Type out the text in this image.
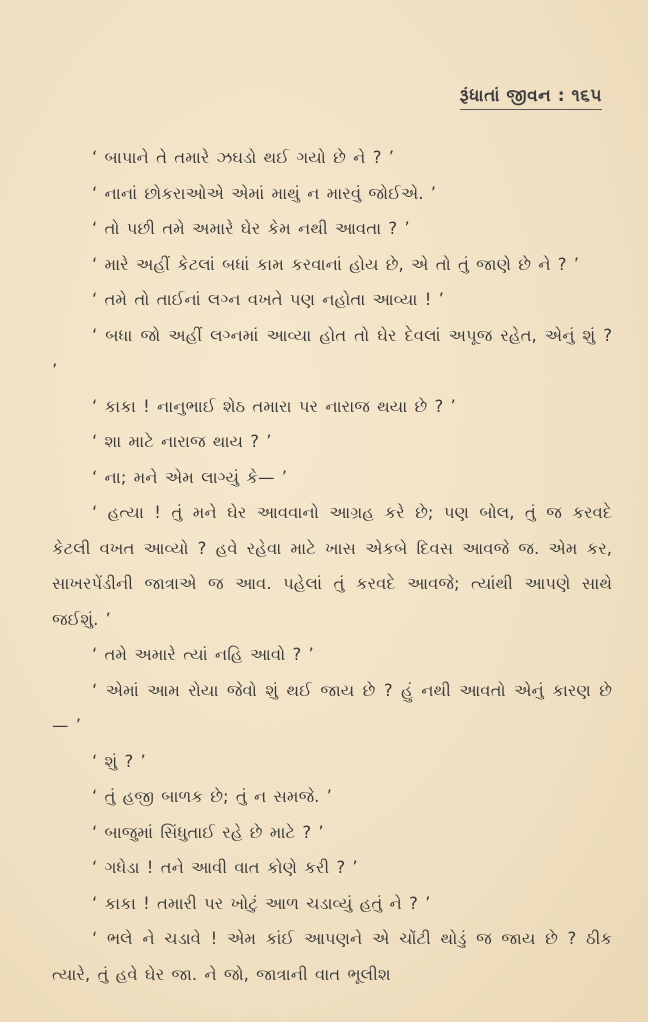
રૂંધાતાં જીવન : ૧૬૫

‘ બાપાને તે તમારે ઝઘડો થઈ ગયો છે ને ? ’

‘ નાનાં છોકરાઓએ એમાં માથું ન મારવું જોઈએ. ’

‘ તો પછી તમે અમારે ઘેર કેમ નથી આવતા ? ’

‘ મારે અહીં કેટલાં બધાં કામ કરવાનાં હોય છે, એ તો તું જાણે છે ને ? ’

‘ તમે તો તાઈનાં લગ્ન વખતે પણ નહોતા આવ્યા ! ’

‘ બધા જો અહીં લગ્નમાં આવ્યા હોત તો ઘેર દેવલાં અપૂજ રહેત, એનું શું ? ’

‘ કાકા ! નાનુભાઈ શેઠ તમારા પર નારાજ થયા છે ? ’

‘ શા માટે નારાજ થાય ? ’

‘ ના; મને એમ લાગ્યું કે— ’

‘ હત્યા ! તું મને ઘેર આવવાનો આગ્રહ કરે છે; પણ બોલ, તું જ કરવદે કેટલી વખત આવ્યો ? હવે રહેવા માટે ખાસ એકબે દિવસ આવજે જ. એમ કર, સાખરપેંડીની જાત્રાએ જ આવ. પહેલાં તું કરવદે આવજે; ત્યાંથી આપણે સાથે જઈશું. ’

‘ તમે અમારે ત્યાં નહિ આવો ? ’

‘ એમાં આમ રોયા જેવો શું થઈ જાય છે ? હું નથી આવતો એનું કારણ છે — ’

‘ શું ? ’

‘ તું હજી બાળક છે; તું ન સમજે. ’

‘ બાજુમાં સિંધુતાઈ રહે છે માટે ? ’

‘ ગધેડા ! તને આવી વાત કોણે કરી ? ’

‘ કાકા ! તમારી પર ખોટું આળ ચડાવ્યું હતું ને ? ’

‘ ભલે ને ચડાવે ! એમ કાંઈ આપણને એ ચોંટી થોડું જ જાય છે ? ઠીક ત્યારે, તું હવે ઘેર જા. ને જો, જાત્રાની વાત ભૂલીશ
